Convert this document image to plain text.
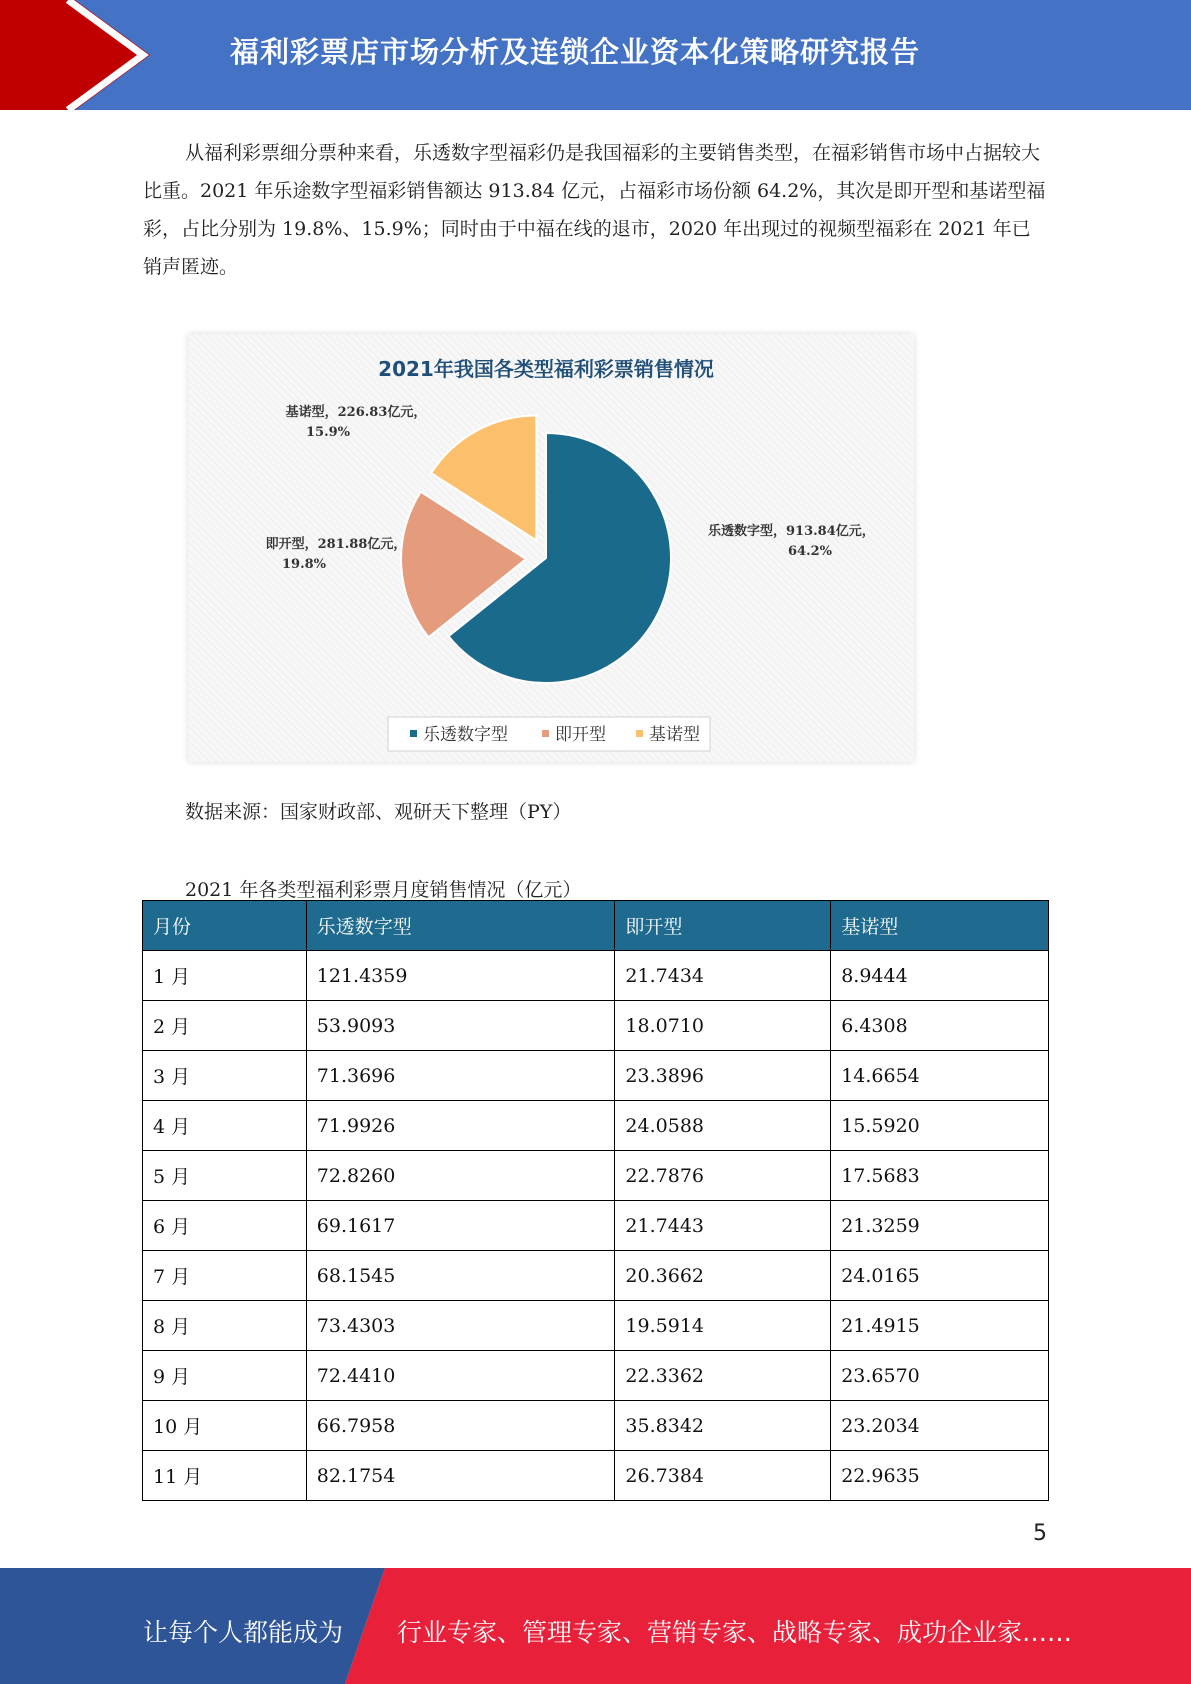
福利彩票店市场分析及连锁企业资本化策略研究报告

从福利彩票细分票种来看，乐透数字型福彩仍是我国福彩的主要销售类型，在福彩销售市场中占据较大比重。2021 年乐途数字型福彩销售额达 913.84 亿元，占福彩市场份额 64.2%，其次是即开型和基诺型福彩，占比分别为 19.8%、15.9%；同时由于中福在线的退市，2020 年出现过的视频型福彩在 2021 年已销声匿迹。

2021年我国各类型福利彩票销售情况
乐透数字型，913.84亿元，
64.2%
即开型，281.88亿元，
19.8%
基诺型，226.83亿元，
15.9%
乐透数字型	即开型	基诺型
数据来源：国家财政部、观研天下整理（PY）
2021 年各类型福利彩票月度销售情况（亿元）
月份	乐透数字型	即开型	基诺型
1 月	121.4359	21.7434	8.9444
2 月	53.9093	18.0710	6.4308
3 月	71.3696	23.3896	14.6654
4 月	71.9926	24.0588	15.5920
5 月	72.8260	22.7876	17.5683
6 月	69.1617	21.7443	21.3259
7 月	68.1545	20.3662	24.0165
8 月	73.4303	19.5914	21.4915
9 月	72.4410	22.3362	23.6570
10 月	66.7958	35.8342	23.2034
11 月	82.1754	26.7384	22.9635
5
让每个人都能成为 行业专家、管理专家、营销专家、战略专家、成功企业家……
